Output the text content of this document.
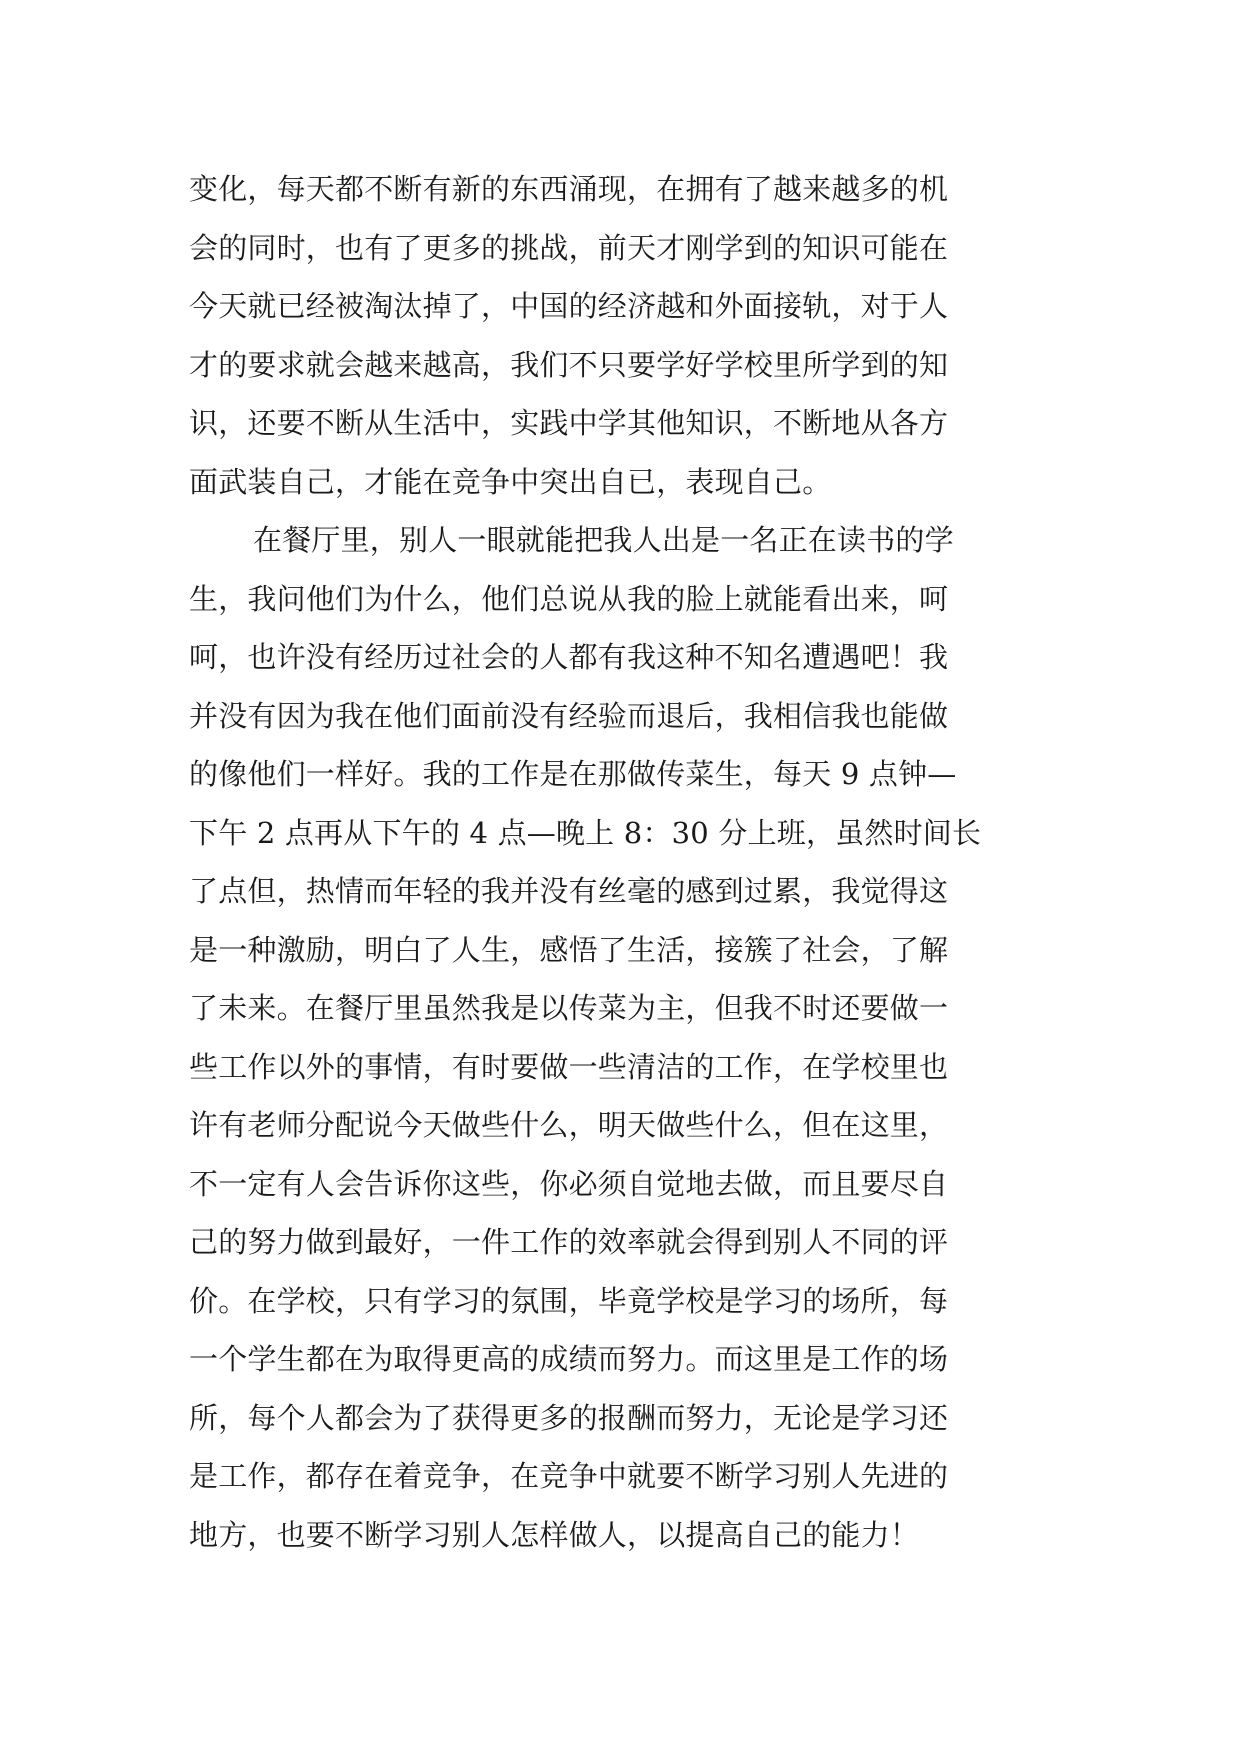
变化，每天都不断有新的东西涌现，在拥有了越来越多的机
会的同时，也有了更多的挑战，前天才刚学到的知识可能在
今天就已经被淘汰掉了，中国的经济越和外面接轨，对于人
才的要求就会越来越高，我们不只要学好学校里所学到的知
识，还要不断从生活中，实践中学其他知识，不断地从各方
面武装自己，才能在竞争中突出自已，表现自己。
在餐厅里，别人一眼就能把我人出是一名正在读书的学
生，我问他们为什么，他们总说从我的脸上就能看出来，呵
呵，也许没有经历过社会的人都有我这种不知名遭遇吧！我
并没有因为我在他们面前没有经验而退后，我相信我也能做
的像他们一样好。我的工作是在那做传菜生，每天 9 点钟—
下午 2 点再从下午的 4 点—晚上 8：30 分上班，虽然时间长
了点但，热情而年轻的我并没有丝毫的感到过累，我觉得这
是一种激励，明白了人生，感悟了生活，接簇了社会，了解
了未来。在餐厅里虽然我是以传菜为主，但我不时还要做一
些工作以外的事情，有时要做一些清洁的工作，在学校里也
许有老师分配说今天做些什么，明天做些什么，但在这里，
不一定有人会告诉你这些，你必须自觉地去做，而且要尽自
己的努力做到最好，一件工作的效率就会得到别人不同的评
价。在学校，只有学习的氛围，毕竟学校是学习的场所，每
一个学生都在为取得更高的成绩而努力。而这里是工作的场
所，每个人都会为了获得更多的报酬而努力，无论是学习还
是工作，都存在着竞争，在竞争中就要不断学习别人先进的
地方，也要不断学习别人怎样做人，以提高自己的能力！
